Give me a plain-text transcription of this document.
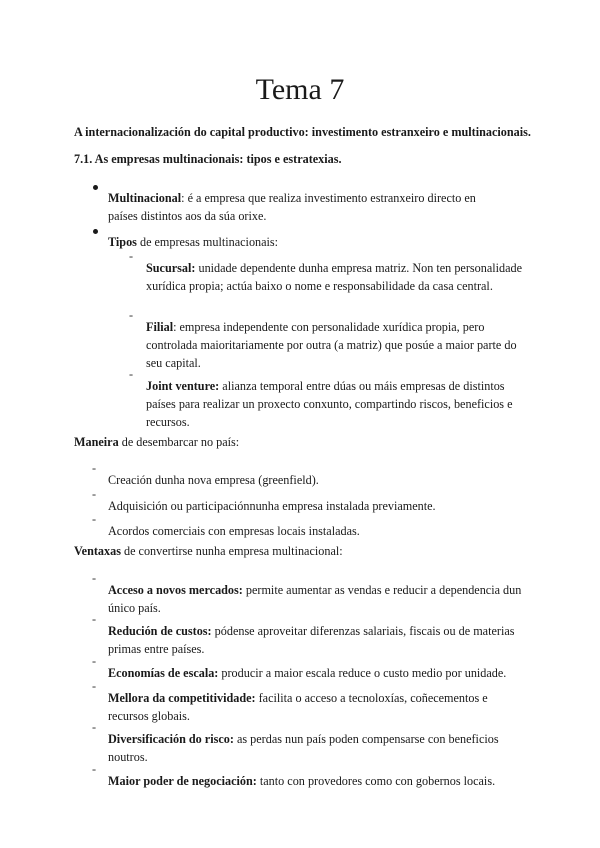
Tema 7

A internacionalización do capital productivo: investimento estranxeiro e multinacionais.

7.1. As empresas multinacionais: tipos e estratexias.

Multinacional: é a empresa que realiza investimento estranxeiro directo en países distintos aos da súa orixe.

Tipos de empresas multinacionais:

-

Sucursal: unidade dependente dunha empresa matriz. Non ten personalidade xurídica propia; actúa baixo o nome e responsabilidade da casa central.

-

Filial: empresa independente con personalidade xurídica propia, pero controlada maioritariamente por outra (a matriz) que posúe a maior parte do seu capital.

-

Joint venture: alianza temporal entre dúas ou máis empresas de distintos países para realizar un proxecto conxunto, compartindo riscos, beneficios e recursos.

Maneira de desembarcar no país:

-

Creación dunha nova empresa (greenfield).

-

Adquisición ou participaciónnunha empresa instalada previamente.

-

Acordos comerciais con empresas locais instaladas.

Ventaxas de convertirse nunha empresa multinacional:

-

Acceso a novos mercados: permite aumentar as vendas e reducir a dependencia dun único país.

-

Redución de custos: pódense aproveitar diferenzas salariais, fiscais ou de materias primas entre países.

-

Economías de escala: producir a maior escala reduce o custo medio por unidade.

-

Mellora da competitividade: facilita o acceso a tecnoloxías, coñecementos e recursos globais.

-

Diversificación do risco: as perdas nun país poden compensarse con beneficios noutros.

-

Maior poder de negociación: tanto con provedores como con gobernos locais.
